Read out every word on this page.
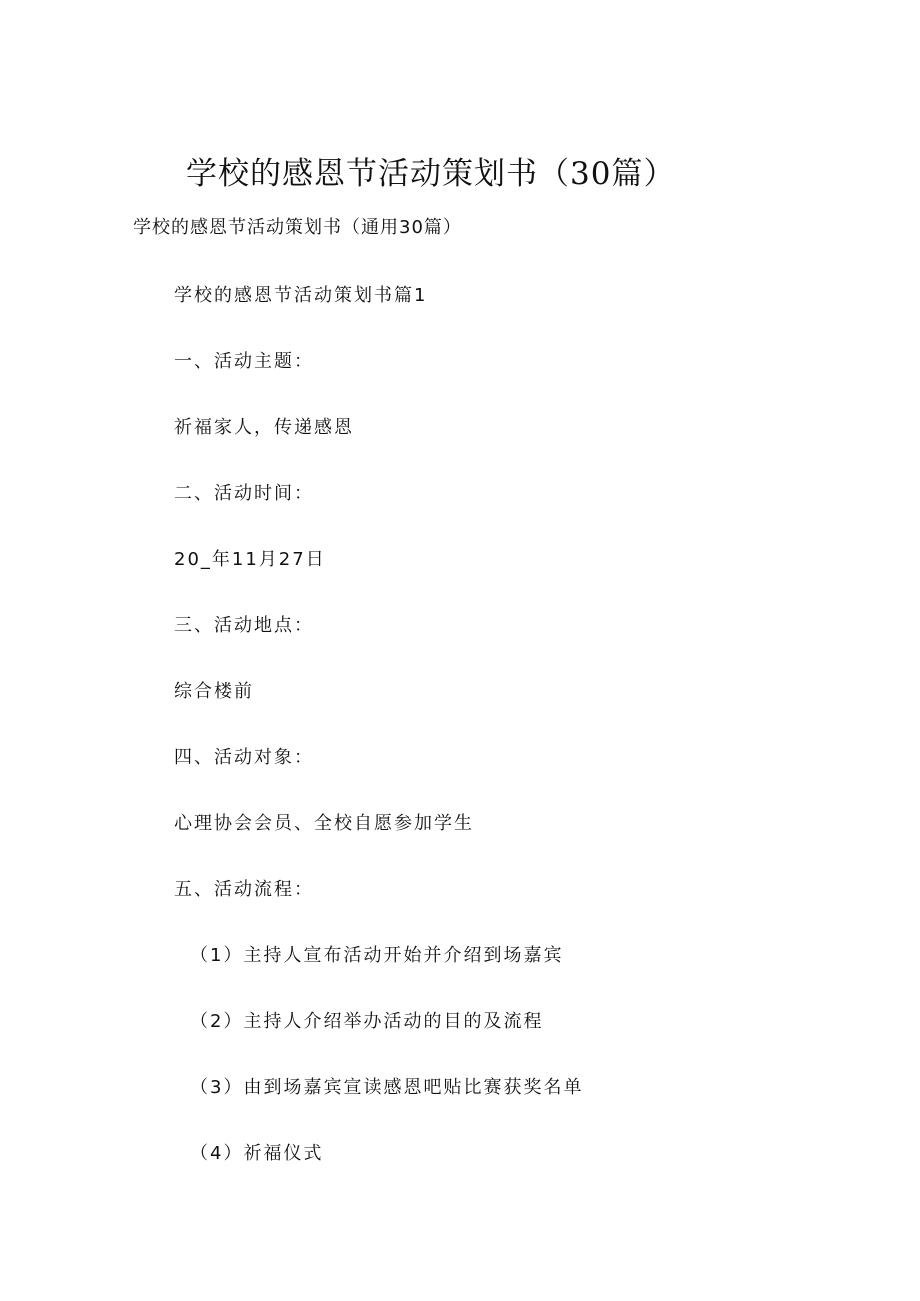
学校的感恩节活动策划书（30篇）
学校的感恩节活动策划书（通用30篇）
学校的感恩节活动策划书篇1
一、活动主题：
祈福家人，传递感恩
二、活动时间：
20_年11月27日
三、活动地点：
综合楼前
四、活动对象：
心理协会会员、全校自愿参加学生
五、活动流程：
（1）主持人宣布活动开始并介绍到场嘉宾
（2）主持人介绍举办活动的目的及流程
（3）由到场嘉宾宣读感恩吧贴比赛获奖名单
（4）祈福仪式
